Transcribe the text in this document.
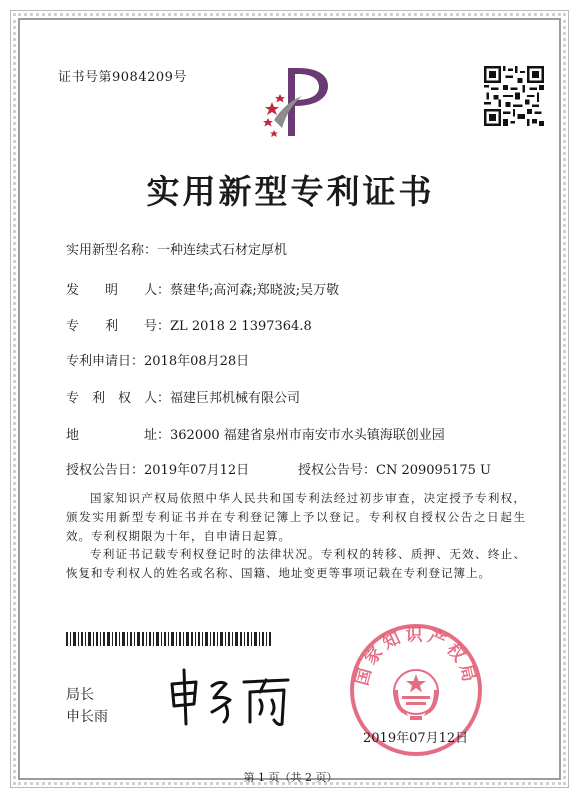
证书号第9084209号
实用新型专利证书
实用新型名称：一种连续式石材定厚机
发　　明　　人：蔡建华;高河森;郑晓波;吴万敬
专　　利　　号：ZL 2018 2 1397364.8
专利申请日：2018年08月28日
专　利　权　人：福建巨邦机械有限公司
地　　　　　址：362000 福建省泉州市南安市水头镇海联创业园
授权公告日：2019年07月12日	授权公告号：CN 209095175 U
国家知识产权局依照中华人民共和国专利法经过初步审查，决定授予专利权，颁发实用新型专利证书并在专利登记簿上予以登记。专利权自授权公告之日起生效。专利权期限为十年，自申请日起算。
专利证书记载专利权登记时的法律状况。专利权的转移、质押、无效、终止、恢复和专利权人的姓名或名称、国籍、地址变更等事项记载在专利登记簿上。
局长
申长雨
国家知识产权局
2019年07月12日
第 1 页（共 2 页）
